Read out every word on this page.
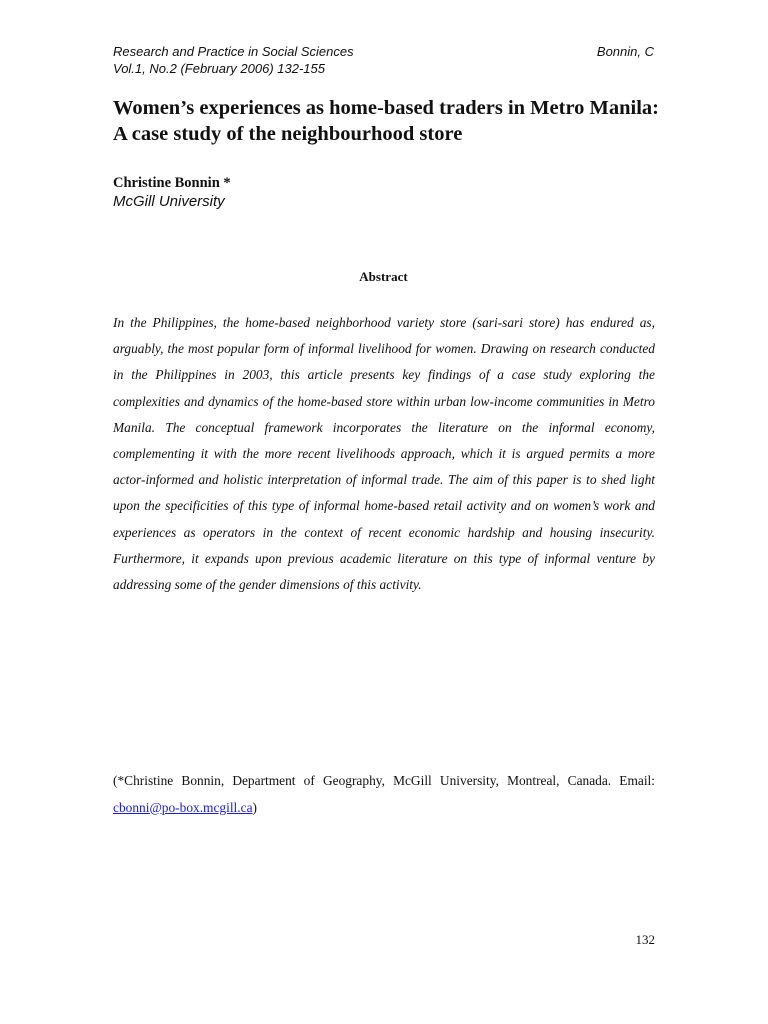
Research and Practice in Social Sciences	Bonnin, C
Vol.1, No.2 (February 2006) 132-155
Women’s experiences as home-based traders in Metro Manila: A case study of the neighbourhood store
Christine Bonnin *
McGill University
Abstract

In the Philippines, the home-based neighborhood variety store (sari-sari store) has endured as, arguably, the most popular form of informal livelihood for women. Drawing on research conducted in the Philippines in 2003, this article presents key findings of a case study exploring the complexities and dynamics of the home-based store within urban low-income communities in Metro Manila. The conceptual framework incorporates the literature on the informal economy, complementing it with the more recent livelihoods approach, which it is argued permits a more actor-informed and holistic interpretation of informal trade. The aim of this paper is to shed light upon the specificities of this type of informal home-based retail activity and on women’s work and experiences as operators in the context of recent economic hardship and housing insecurity. Furthermore, it expands upon previous academic literature on this type of informal venture by addressing some of the gender dimensions of this activity.

(*Christine Bonnin, Department of Geography, McGill University, Montreal, Canada. Email: cbonni@po-box.mcgill.ca)

132
